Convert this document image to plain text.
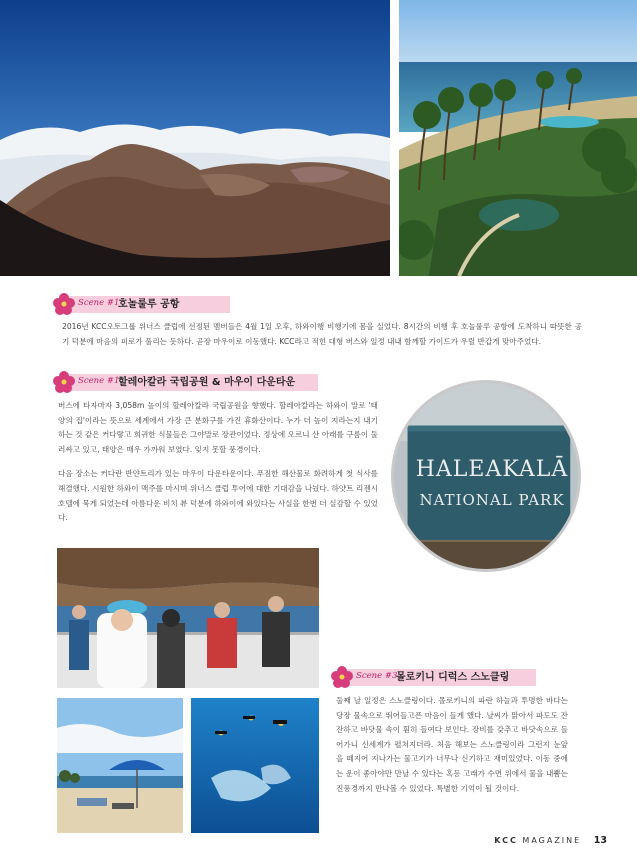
Scene #1
호놀룰루 공항

2016년 KCC오토그룹 위너스 클럽에 선정된 멤버들은 4월 1일 오후, 하와이행 비행기에 몸을 실었다. 8시간의 비행 후 호놀룰루 공항에 도착하니 따뜻한 공기 덕분에 마음의 피로가 풀리는 듯하다. 곧장 마우이로 이동했다. KCC라고 적힌 대형 버스와 일정 내내 함께할 가이드가 우릴 반갑게 맞아주었다.

Scene #1
할레아칼라 국립공원 & 마우이 다운타운

버스에 타자마자 3,058m 높이의 할레아칼라 국립공원을 향했다. 할레아칼라는 하와이 말로 '태양의 집'이라는 뜻으로 세계에서 가장 큰 분화구를 가진 휴화산이다. 누가 더 높이 지라는지 내기하는 것 같은 커다랗고 희귀한 식물들은 그야말로 장관이었다. 정상에 오르니 산 아래를 구름이 둘러싸고 있고, 태양은 매우 가까워 보였다. 잊지 못할 풍경이다.

다음 장소는 커다란 반얀트리가 있는 마우이 다운타운이다. 푸짐한 해산물로 화려하게 첫 식사를 해결했다. 시원한 하와이 맥주를 마시며 위너스 클럽 투어에 대한 기대감을 나눴다. 하얏트 리젠시 호텔에 묵게 되었는데 아름다운 비치 뷰 덕분에 하와이에 와있다는 사실을 한번 더 실감할 수 있었다.

HALEAKALĀ
NATIONAL PARK
Scene #3
몰로키니 디럭스 스노클링

둘째 날 일정은 스노클링이다. 몰로키니의 파란 하늘과 투명한 바다는 당장 물속으로 뛰어들고픈 마음이 들게 했다. 날씨가 맑아서 파도도 잔잔하고 바닷물 속이 훤히 들여다 보인다. 장비를 갖추고 바닷속으로 들어가니 신세계가 펼쳐지더라. 처음 해보는 스노클링이라 그런지 눈앞을 떼지어 지나가는 물고기가 너무나 신기하고 재미있었다. 이동 중에는 운이 좋아야만 만날 수 있다는 혹등 고래가 수면 위에서 물을 내뿜는 진풍경까지 만나볼 수 있었다. 특별한 기억이 될 것이다.

KCC MAGAZINE 13
